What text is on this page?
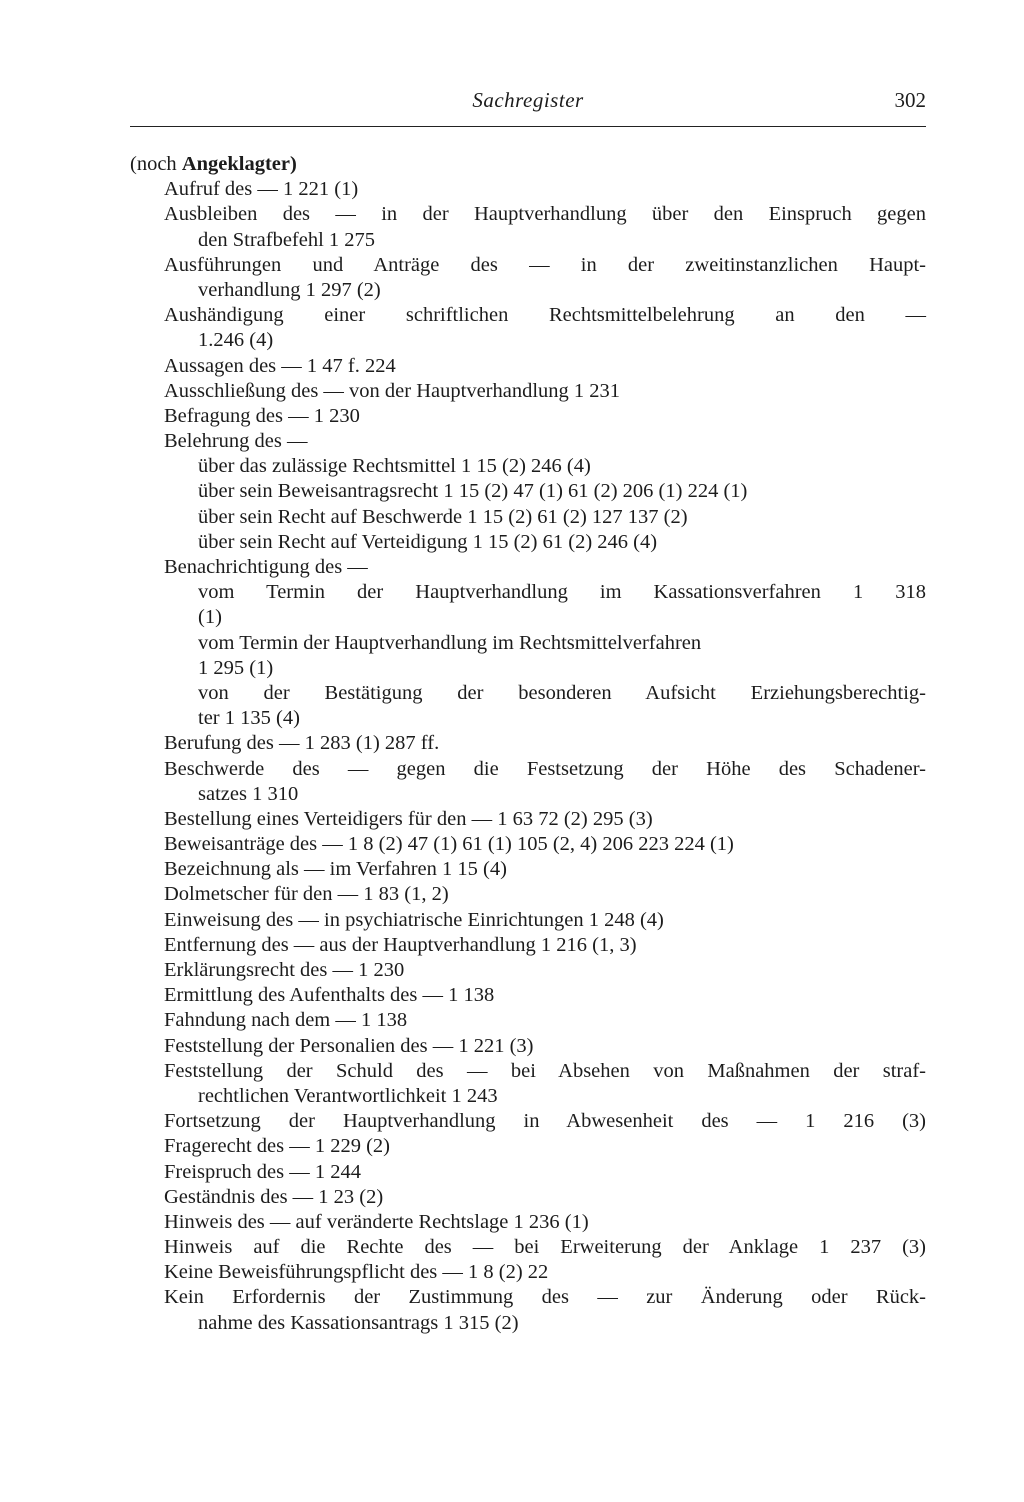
Sachregister	302
(noch Angeklagter)
Aufruf des — 1 221 (1)
Ausbleiben des — in der Hauptverhandlung über den Einspruch gegen
den Strafbefehl 1 275
Ausführungen und Anträge des — in der zweitinstanzlichen Haupt-
verhandlung 1 297 (2)
Aushändigung einer schriftlichen Rechtsmittelbelehrung an den —
1.246 (4)
Aussagen des — 1 47 f. 224
Ausschließung des — von der Hauptverhandlung 1 231
Befragung des — 1 230
Belehrung des —
über das zulässige Rechtsmittel 1 15 (2) 246 (4)
über sein Beweisantragsrecht 1 15 (2) 47 (1) 61 (2) 206 (1) 224 (1)
über sein Recht auf Beschwerde 1 15 (2) 61 (2) 127 137 (2)
über sein Recht auf Verteidigung 1 15 (2) 61 (2) 246 (4)
Benachrichtigung des —
vom Termin der Hauptverhandlung im Kassationsverfahren 1 318
(1)
vom Termin der Hauptverhandlung im Rechtsmittelverfahren
1 295 (1)
von der Bestätigung der besonderen Aufsicht Erziehungsberechtig-
ter 1 135 (4)
Berufung des — 1 283 (1) 287 ff.
Beschwerde des — gegen die Festsetzung der Höhe des Schadener-
satzes 1 310
Bestellung eines Verteidigers für den — 1 63 72 (2) 295 (3)
Beweisanträge des — 1 8 (2) 47 (1) 61 (1) 105 (2, 4) 206 223 224 (1)
Bezeichnung als — im Verfahren 1 15 (4)
Dolmetscher für den — 1 83 (1, 2)
Einweisung des — in psychiatrische Einrichtungen 1 248 (4)
Entfernung des — aus der Hauptverhandlung 1 216 (1, 3)
Erklärungsrecht des — 1 230
Ermittlung des Aufenthalts des — 1 138
Fahndung nach dem — 1 138
Feststellung der Personalien des — 1 221 (3)
Feststellung der Schuld des — bei Absehen von Maßnahmen der straf-
rechtlichen Verantwortlichkeit 1 243
Fortsetzung der Hauptverhandlung in Abwesenheit des — 1 216 (3)
Fragerecht des — 1 229 (2)
Freispruch des — 1 244
Geständnis des — 1 23 (2)
Hinweis des — auf veränderte Rechtslage 1 236 (1)
Hinweis auf die Rechte des — bei Erweiterung der Anklage 1 237 (3)
Keine Beweisführungspflicht des — 1 8 (2) 22
Kein Erfordernis der Zustimmung des — zur Änderung oder Rück-
nahme des Kassationsantrags 1 315 (2)
